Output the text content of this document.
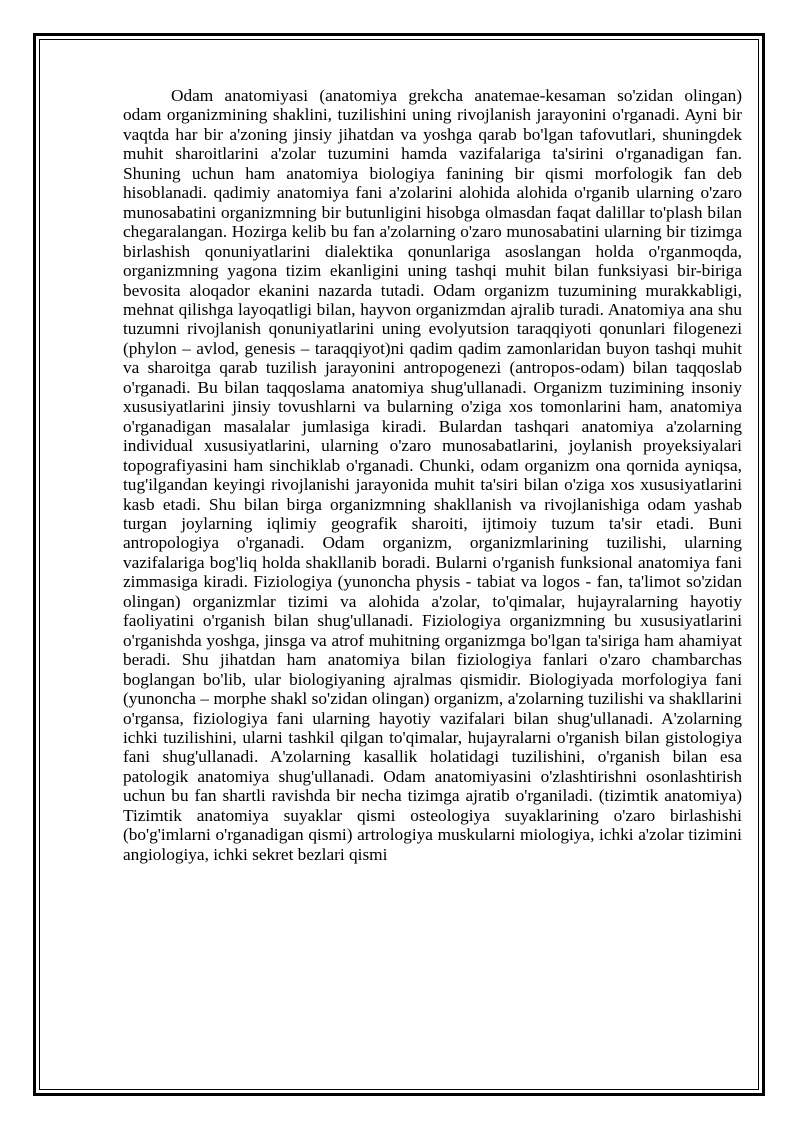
Odam anatomiyasi (anatomiya grekcha anatemae-kesaman so'zidan olingan) odam organizmining shaklini, tuzilishini uning rivojlanish jarayonini o'rganadi. Ayni bir vaqtda har bir a'zoning jinsiy jihatdan va yoshga qarab bo'lgan tafovutlari, shuningdek muhit sharoitlarini a'zolar tuzumini hamda vazifalariga ta'sirini o'rganadigan fan. Shuning uchun ham anatomiya biologiya fanining bir qismi morfologik fan deb hisoblanadi. qadimiy anatomiya fani a'zolarini alohida alohida o'rganib ularning o'zaro munosabatini organizmning bir butunligini hisobga olmasdan faqat dalillar to'plash bilan chegaralangan. Hozirga kelib bu fan a'zolarning o'zaro munosabatini ularning bir tizimga birlashish qonuniyatlarini dialektika qonunlariga asoslangan holda o'rganmoqda, organizmning yagona tizim ekanligini uning tashqi muhit bilan funksiyasi bir-biriga bevosita aloqador ekanini nazarda tutadi. Odam organizm tuzumining murakkabligi, mehnat qilishga layoqatligi bilan, hayvon organizmdan ajralib turadi. Anatomiya ana shu tuzumni rivojlanish qonuniyatlarini uning evolyutsion taraqqiyoti qonunlari filogenezi (phylon – avlod, genesis – taraqqiyot)ni qadim qadim zamonlaridan buyon tashqi muhit va sharoitga qarab tuzilish jarayonini antropogenezi (antropos-odam) bilan taqqoslab o'rganadi. Bu bilan taqqoslama anatomiya shug'ullanadi. Organizm tuzimining insoniy xususiyatlarini jinsiy tovushlarni va bularning o'ziga xos tomonlarini ham, anatomiya o'rganadigan masalalar jumlasiga kiradi. Bulardan tashqari anatomiya a'zolarning individual xususiyatlarini, ularning o'zaro munosabatlarini, joylanish proyeksiyalari topografiyasini ham sinchiklab o'rganadi. Chunki, odam organizm ona qornida ayniqsa, tug'ilgandan keyingi rivojlanishi jarayonida muhit ta'siri bilan o'ziga xos xususiyatlarini kasb etadi. Shu bilan birga organizmning shakllanish va rivojlanishiga odam yashab turgan joylarning iqlimiy geografik sharoiti, ijtimoiy tuzum ta'sir etadi. Buni antropologiya o'rganadi. Odam organizm, organizmlarining tuzilishi, ularning vazifalariga bog'liq holda shakllanib boradi. Bularni o'rganish funksional anatomiya fani zimmasiga kiradi. Fiziologiya (yunoncha physis - tabiat va logos - fan, ta'limot so'zidan olingan) organizmlar tizimi va alohida a'zolar, to'qimalar, hujayralarning hayotiy faoliyatini o'rganish bilan shug'ullanadi. Fiziologiya organizmning bu xususiyatlarini o'rganishda yoshga, jinsga va atrof muhitning organizmga bo'lgan ta'siriga ham ahamiyat beradi. Shu jihatdan ham anatomiya bilan fiziologiya fanlari o'zaro chambarchas boglangan bo'lib, ular biologiyaning ajralmas qismidir. Biologiyada morfologiya fani (yunoncha – morphe shakl so'zidan olingan) organizm, a'zolarning tuzilishi va shakllarini o'rgansa, fiziologiya fani ularning hayotiy vazifalari bilan shug'ullanadi. A'zolarning ichki tuzilishini, ularni tashkil qilgan to'qimalar, hujayralarni o'rganish bilan gistologiya fani shug'ullanadi. A'zolarning kasallik holatidagi tuzilishini, o'rganish bilan esa patologik anatomiya shug'ullanadi. Odam anatomiyasini o'zlashtirishni osonlashtirish uchun bu fan shartli ravishda bir necha tizimga ajratib o'rganiladi. (tizimtik anatomiya) Tizimtik anatomiya suyaklar qismi osteologiya suyaklarining o'zaro birlashishi (bo'g'imlarni o'rganadigan qismi) artrologiya muskularni miologiya, ichki a'zolar tizimini angiologiya, ichki sekret bezlari qismi
